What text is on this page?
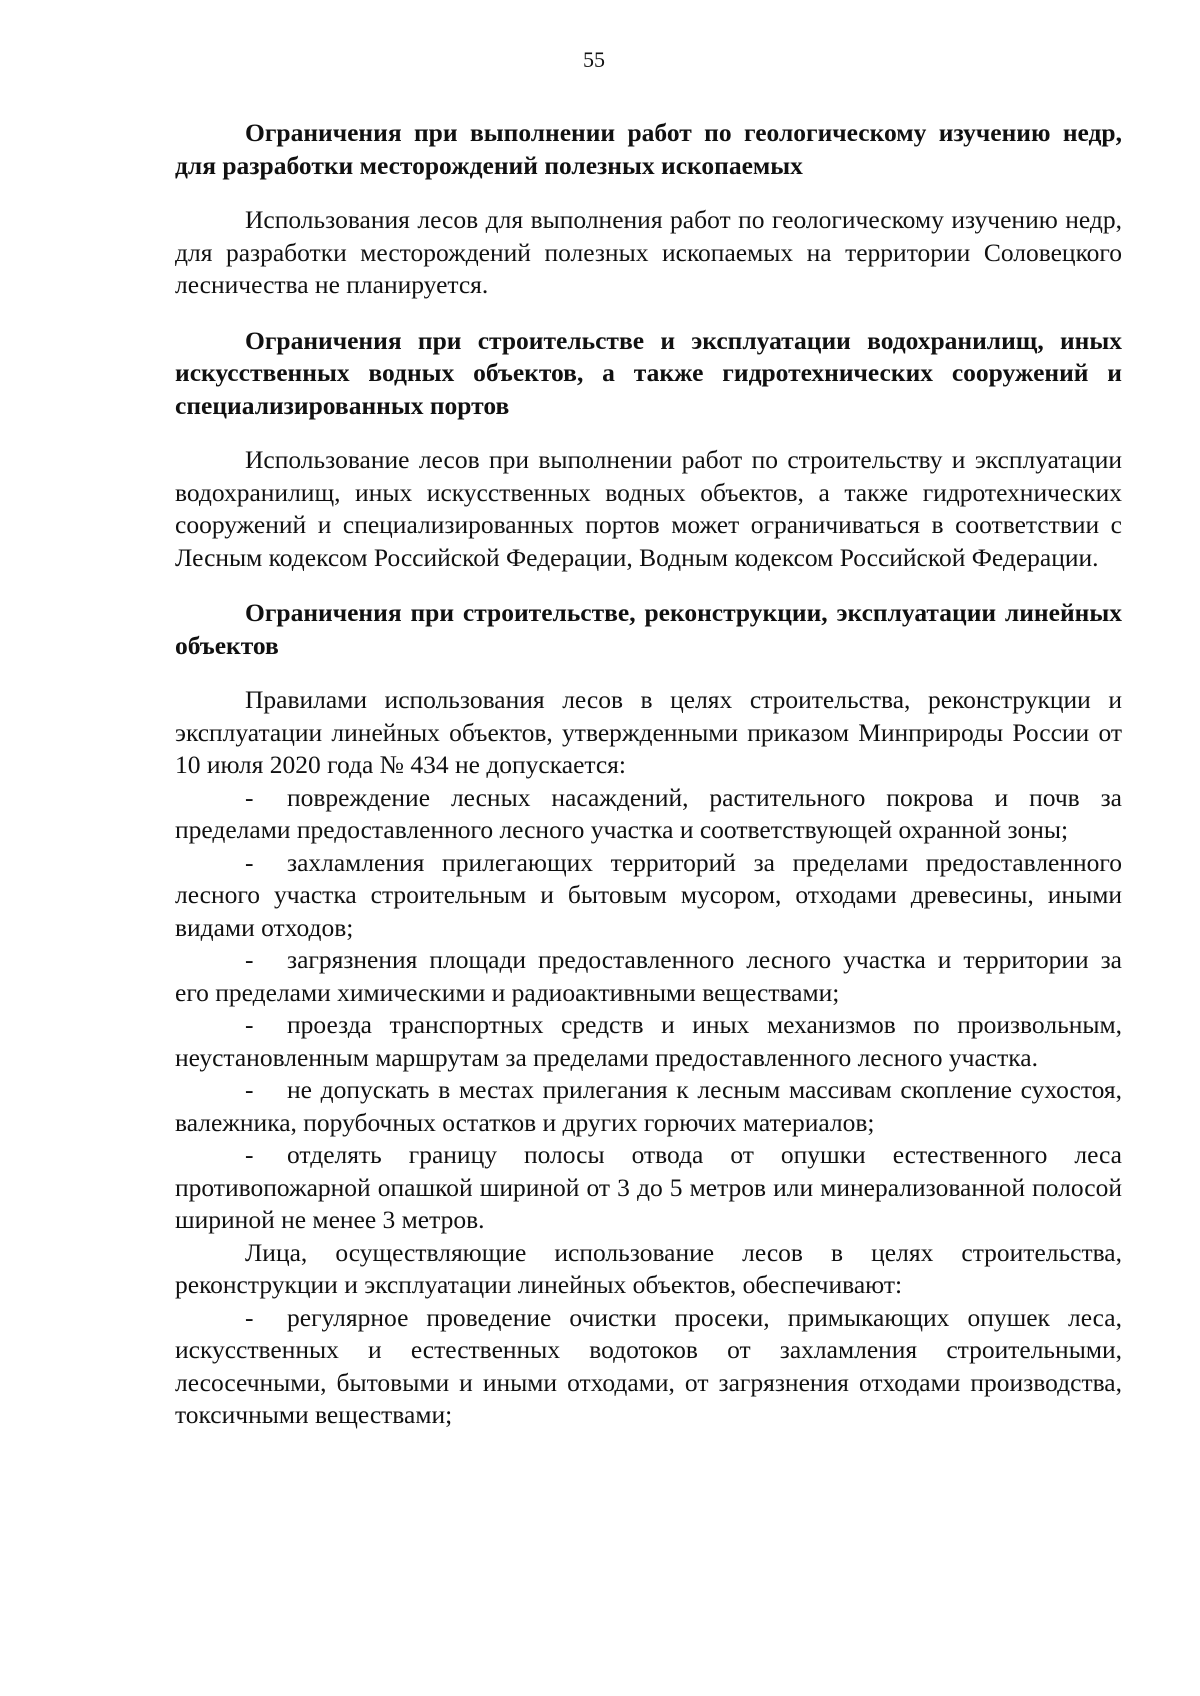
55

Ограничения при выполнении работ по геологическому изучению недр, для разработки месторождений полезных ископаемых

Использования лесов для выполнения работ по геологическому изучению недр, для разработки месторождений полезных ископаемых на территории Соловецкого лесничества не планируется.

Ограничения при строительстве и эксплуатации водохранилищ, иных искусственных водных объектов, а также гидротехнических сооружений и специализированных портов

Использование лесов при выполнении работ по строительству и эксплуатации водохранилищ, иных искусственных водных объектов, а также гидротехнических сооружений и специализированных портов может ограничиваться в соответствии с Лесным кодексом Российской Федерации, Водным кодексом Российской Федерации.

Ограничения при строительстве, реконструкции, эксплуатации линейных объектов

Правилами использования лесов в целях строительства, реконструкции и эксплуатации линейных объектов, утвержденными приказом Минприроды России от 10 июля 2020 года № 434 не допускается:

- повреждение лесных насаждений, растительного покрова и почв за пределами предоставленного лесного участка и соответствующей охранной зоны;

- захламления прилегающих территорий за пределами предоставленного лесного участка строительным и бытовым мусором, отходами древесины, иными видами отходов;

- загрязнения площади предоставленного лесного участка и территории за его пределами химическими и радиоактивными веществами;

- проезда транспортных средств и иных механизмов по произвольным, неустановленным маршрутам за пределами предоставленного лесного участка.

- не допускать в местах прилегания к лесным массивам скопление сухостоя, валежника, порубочных остатков и других горючих материалов;

- отделять границу полосы отвода от опушки естественного леса противопожарной опашкой шириной от 3 до 5 метров или минерализованной полосой шириной не менее 3 метров.

Лица, осуществляющие использование лесов в целях строительства, реконструкции и эксплуатации линейных объектов, обеспечивают:

- регулярное проведение очистки просеки, примыкающих опушек леса, искусственных и естественных водотоков от захламления строительными, лесосечными, бытовыми и иными отходами, от загрязнения отходами производства, токсичными веществами;
